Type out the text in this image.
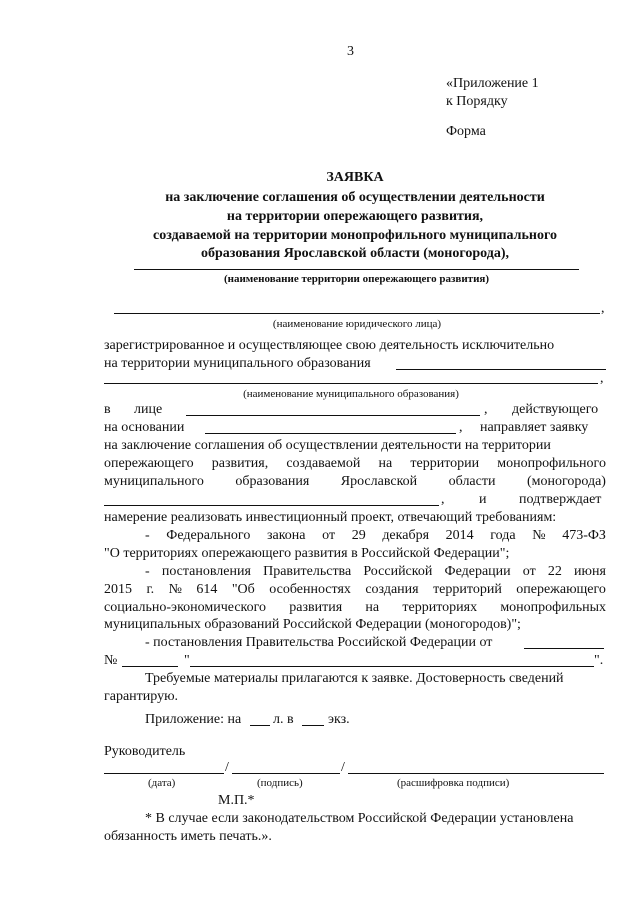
3
«Приложение 1
к Порядку
Форма
ЗАЯВКА
на заключение соглашения об осуществлении деятельности
на территории опережающего развития,
создаваемой на территории монопрофильного муниципального
образования Ярославской области (моногорода),
(наименование территории опережающего развития)
,
(наименование юридического лица)
зарегистрированное и осуществляющее свою деятельность исключительно
на территории муниципального образования
,
(наименование муниципального образования)
в лице	, действующего
на основании	, направляет заявку
на заключение соглашения об осуществлении деятельности на территории
опережающего развития, создаваемой на территории монопрофильного
муниципального образования Ярославской области (моногорода)
, и подтверждает
намерение реализовать инвестиционный проект, отвечающий требованиям:
- Федерального закона от 29 декабря 2014 года № 473-ФЗ
"О территориях опережающего развития в Российской Федерации";
- постановления Правительства Российской Федерации от 22 июня
2015 г. № 614 "Об особенностях создания территорий опережающего
социально-экономического развития на территориях монопрофильных
муниципальных образований Российской Федерации (моногородов)";
- постановления Правительства Российской Федерации от
№	"	".
Требуемые материалы прилагаются к заявке. Достоверность сведений
гарантирую.
Приложение: на л. в экз.
Руководитель
/	/
(дата)	(подпись)	(расшифровка подписи)
М.П.*
* В случае если законодательством Российской Федерации установлена
обязанность иметь печать.».
